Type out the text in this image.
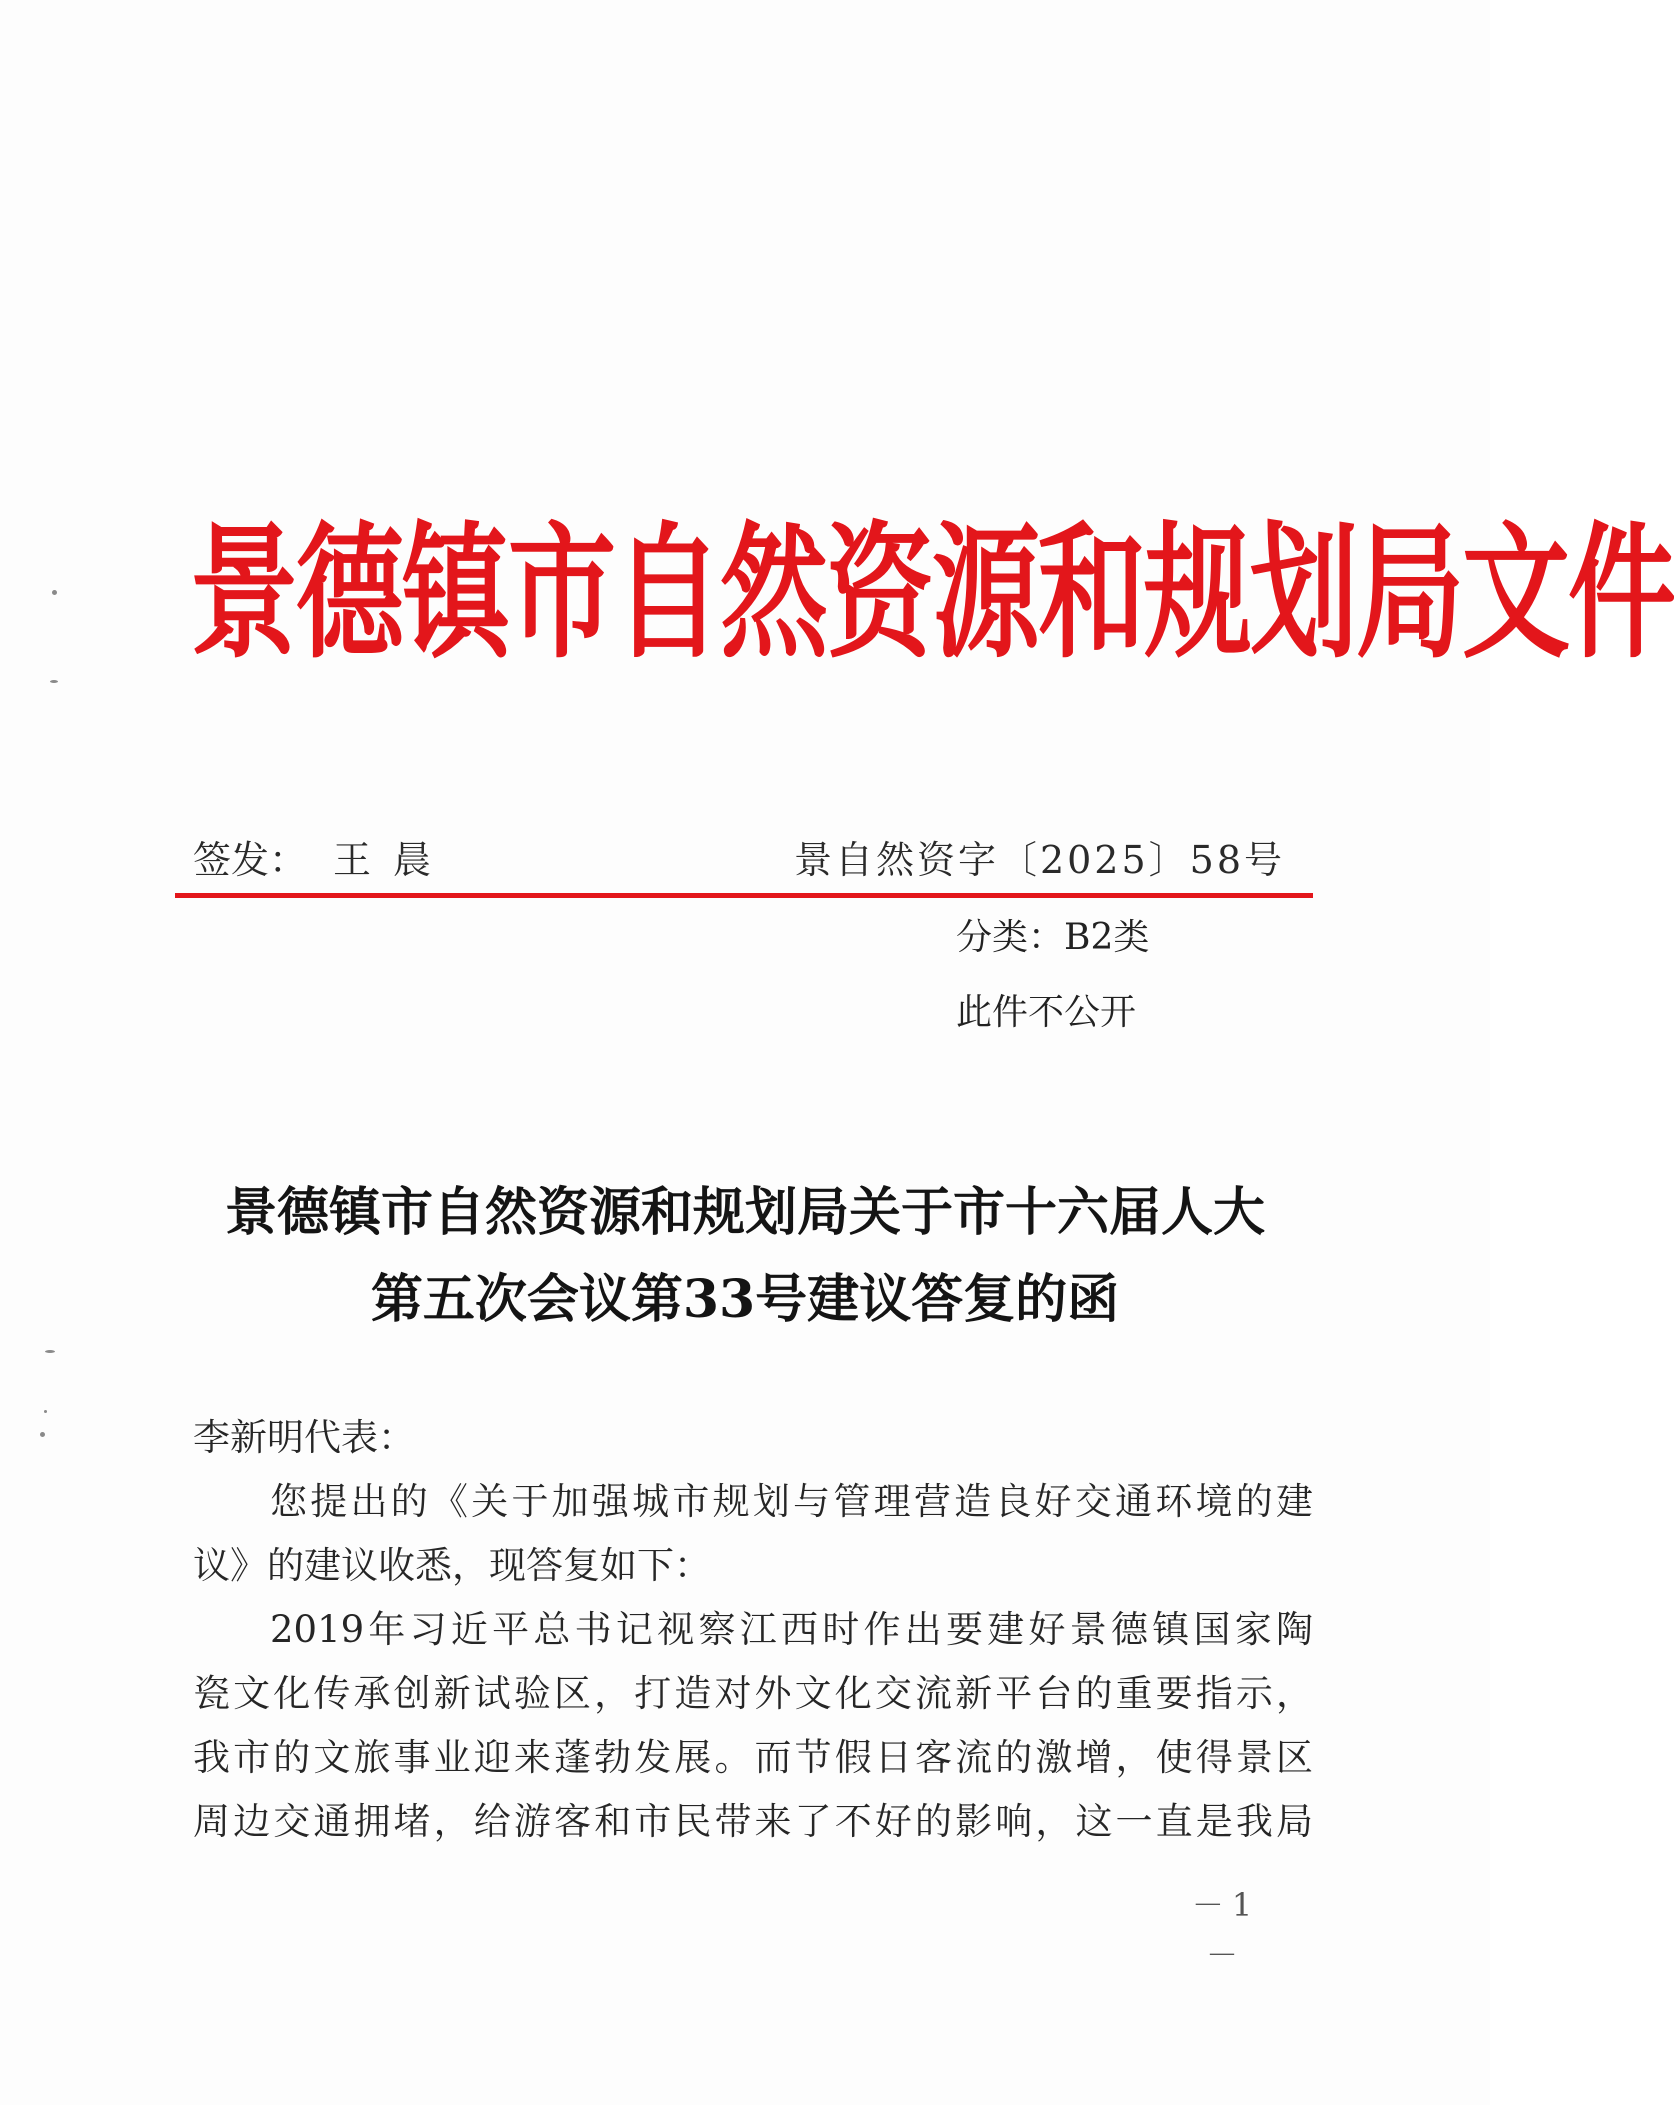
景德镇市自然资源和规划局文件
签发： 王晨	景自然资字〔2025〕58号
分类：B2类
此件不公开
景德镇市自然资源和规划局关于市十六届人大
第五次会议第33号建议答复的函
李新明代表：
您提出的《关于加强城市规划与管理营造良好交通环境的建
议》的建议收悉，现答复如下：
2019年习近平总书记视察江西时作出要建好景德镇国家陶
瓷文化传承创新试验区，打造对外文化交流新平台的重要指示，
我市的文旅事业迎来蓬勃发展。而节假日客流的激增，使得景区
周边交通拥堵，给游客和市民带来了不好的影响，这一直是我局
－1－
